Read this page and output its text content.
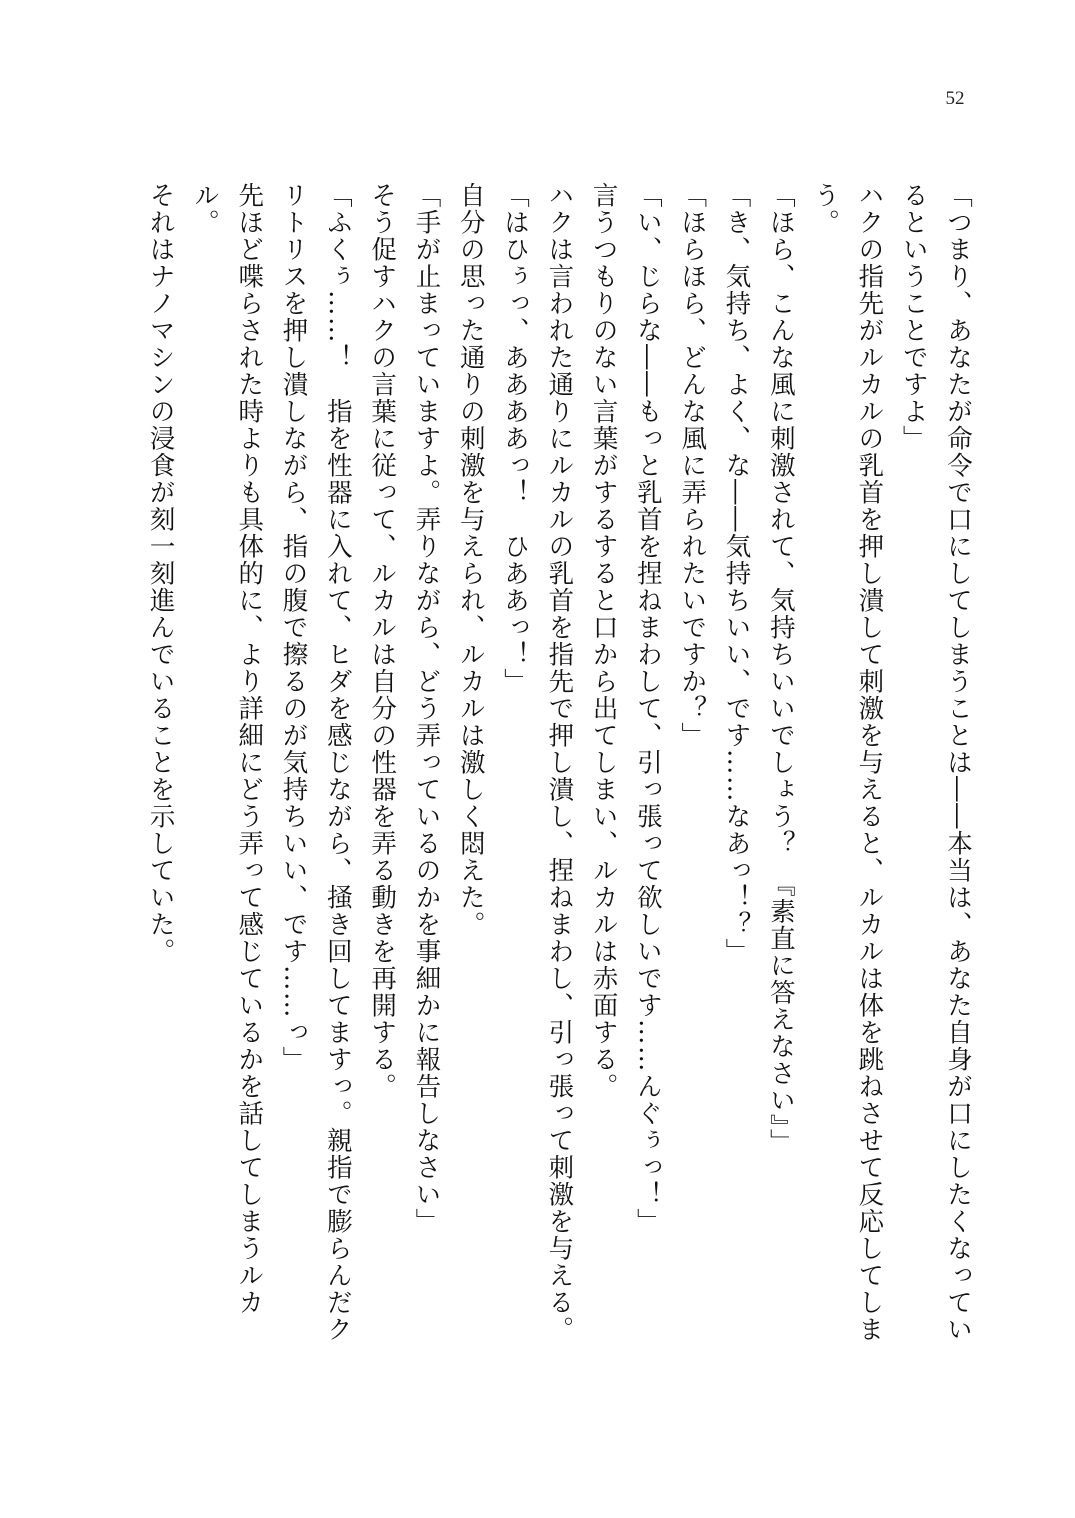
52

「つまり、あなたが命令で口にしてしまうことは――本当は、あなた自身が口にしたくなっているということですよ」

ハクの指先がルカルの乳首を押し潰して刺激を与えると、ルカルは体を跳ねさせて反応してしまう。

「ほら、こんな風に刺激されて、気持ちいいでしょう？　『素直に答えなさい』」

「き、気持ち、よく、な――気持ちいい、です……なあっ！？」

「ほらほら、どんな風に弄られたいですか？」

「い、じらな――もっと乳首を捏ねまわして、引っ張って欲しいです……んぐぅっ！」

言うつもりのない言葉がするすると口から出てしまい、ルカルは赤面する。

ハクは言われた通りにルカルの乳首を指先で押し潰し、捏ねまわし、引っ張って刺激を与える。

「はひぅっ、ああああっ！　ひああっ！」

自分の思った通りの刺激を与えられ、ルカルは激しく悶えた。

「手が止まっていますよ。弄りながら、どう弄っているのかを事細かに報告しなさい」

そう促すハクの言葉に従って、ルカルは自分の性器を弄る動きを再開する。

「ふくぅ……！　指を性器に入れて、ヒダを感じながら、掻き回してますっ。親指で膨らんだクリトリスを押し潰しながら、指の腹で擦るのが気持ちいい、です……っ」

先ほど喋らされた時よりも具体的に、より詳細にどう弄って感じているかを話してしまうルカル。

それはナノマシンの浸食が刻一刻進んでいることを示していた。
